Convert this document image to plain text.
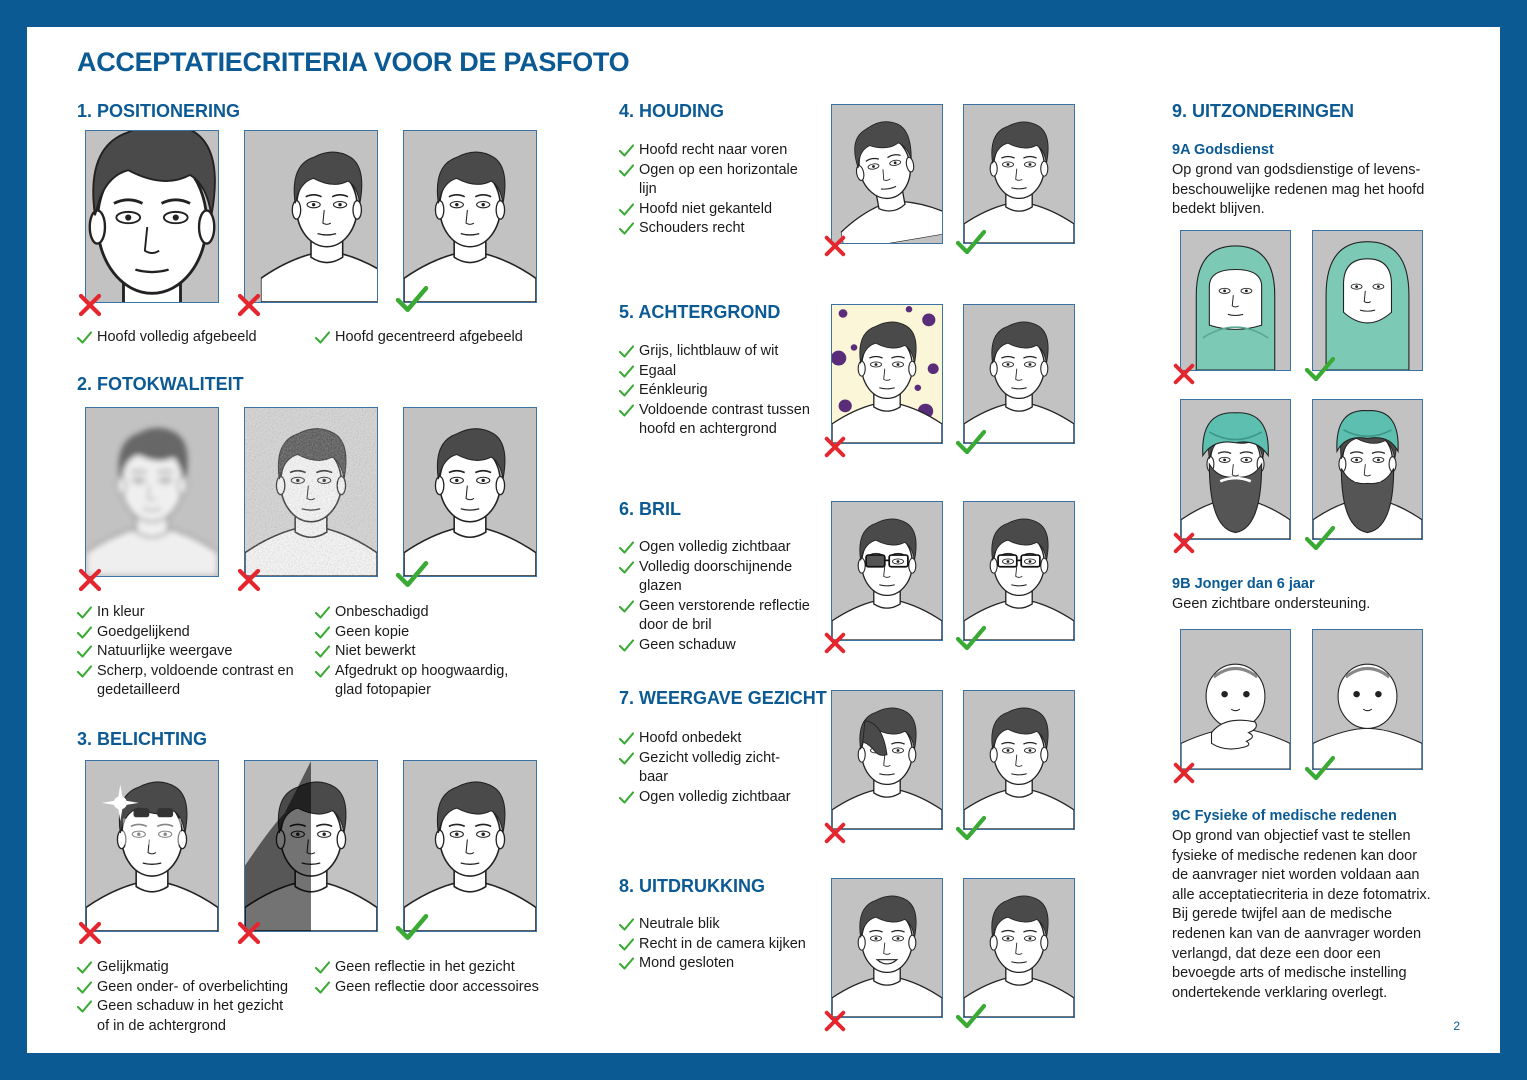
ACCEPTATIECRITERIA VOOR DE PASFOTO
1. POSITIONERING
Hoofd volledig afgebeeld	Hoofd gecentreerd afgebeeld
2. FOTOKWALITEIT
In kleur
Goedgelijkend
Natuurlijke weergave
Scherp, voldoende contrast en gedetailleerd
Onbeschadigd
Geen kopie
Niet bewerkt
Afgedrukt op hoogwaardig, glad fotopapier
3. BELICHTING
Gelijkmatig
Geen onder- of overbelichting
Geen schaduw in het gezicht of in de achtergrond
Geen reflectie in het gezicht
Geen reflectie door accessoires
4. HOUDING
Hoofd recht naar voren
Ogen op een horizontale lijn
Hoofd niet gekanteld
Schouders recht
5. ACHTERGROND
Grijs, lichtblauw of wit
Egaal
Eénkleurig
Voldoende contrast tussen hoofd en achtergrond
6. BRIL
Ogen volledig zichtbaar
Volledig doorschijnende glazen
Geen verstorende reflectie door de bril
Geen schaduw
7. WEERGAVE GEZICHT
Hoofd onbedekt
Gezicht volledig zicht-baar
Ogen volledig zichtbaar
8. UITDRUKKING
Neutrale blik
Recht in de camera kijken
Mond gesloten
9. UITZONDERINGEN
9A Godsdienst

Op grond van godsdienstige of levens-beschouwelijke redenen mag het hoofd bedekt blijven.

9B Jonger dan 6 jaar

Geen zichtbare ondersteuning.

9C Fysieke of medische redenen

Op grond van objectief vast te stellen fysieke of medische redenen kan door de aanvrager niet worden voldaan aan alle acceptatiecriteria in deze fotomatrix. Bij gerede twijfel aan de medische redenen kan van de aanvrager worden verlangd, dat deze een door een bevoegde arts of medische instelling ondertekende verklaring overlegt.

2
